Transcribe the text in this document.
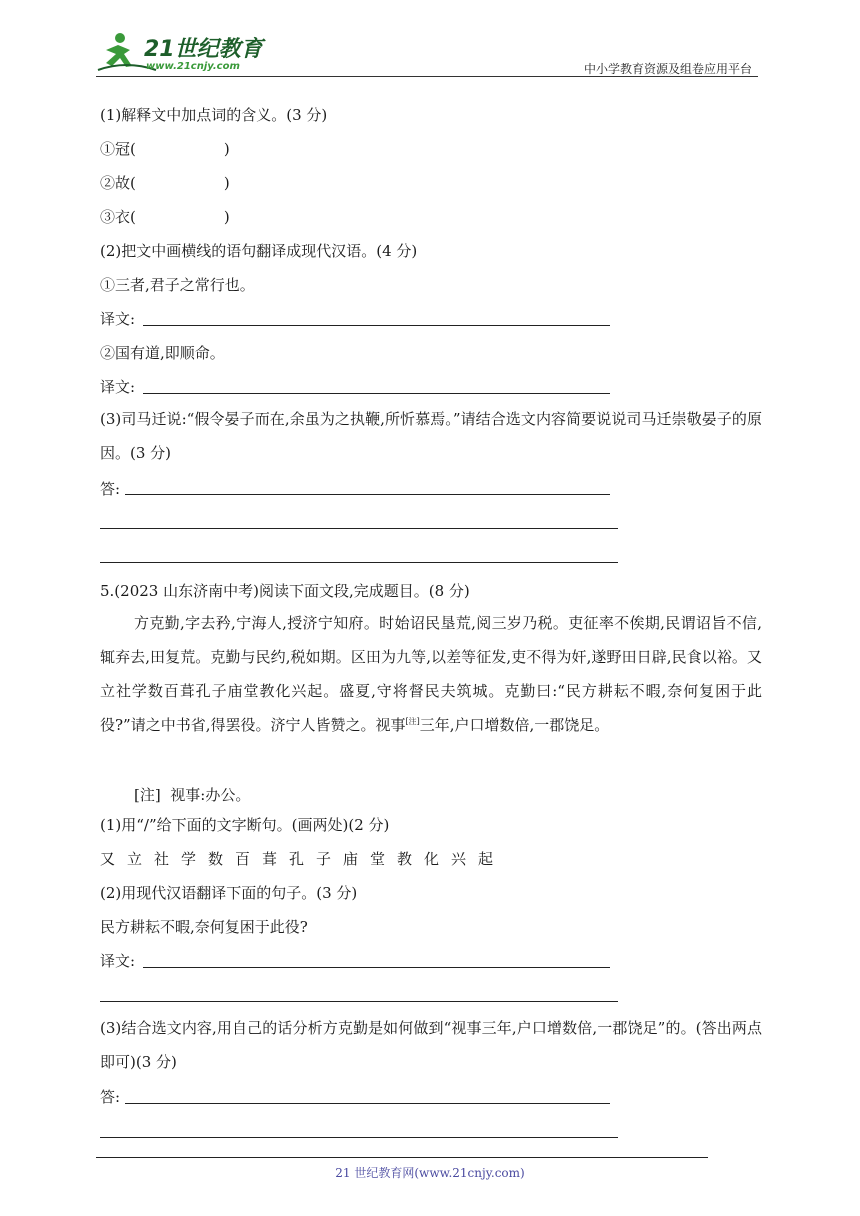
21世纪教育
www.21cnjy.com	中小学教育资源及组卷应用平台
(1)解释文中加点词的含义。(3 分)
①冠(	)
②故(	)
③衣(	)
(2)把文中画横线的语句翻译成现代汉语。(4 分)
①三者,君子之常行也。
译文:
②国有道,即顺命。
译文:
(3)司马迁说:“假令晏子而在,余虽为之执鞭,所忻慕焉。”请结合选文内容简要说说司马迁崇敬晏子的原因。(3 分)
答:
5.(2023 山东济南中考)阅读下面文段,完成题目。(8 分)
方克勤,字去矜,宁海人,授济宁知府。时始诏民垦荒,阅三岁乃税。吏征率不俟期,民谓诏旨不信,辄弃去,田复荒。克勤与民约,税如期。区田为九等,以差等征发,吏不得为奸,遂野田日辟,民食以裕。又立社学数百葺孔子庙堂教化兴起。盛夏,守将督民夫筑城。克勤曰:“民方耕耘不暇,奈何复困于此役?”请之中书省,得罢役。济宁人皆赞之。视事[注]三年,户口增数倍,一郡饶足。
[注] 视事:办公。
(1)用“/”给下面的文字断句。(画两处)(2 分)
又立社学数百葺孔子庙堂教化兴起
(2)用现代汉语翻译下面的句子。(3 分)
民方耕耘不暇,奈何复困于此役?
译文:
(3)结合选文内容,用自己的话分析方克勤是如何做到“视事三年,户口增数倍,一郡饶足”的。(答出两点即可)(3 分)
答:
21 世纪教育网(www.21cnjy.com)
